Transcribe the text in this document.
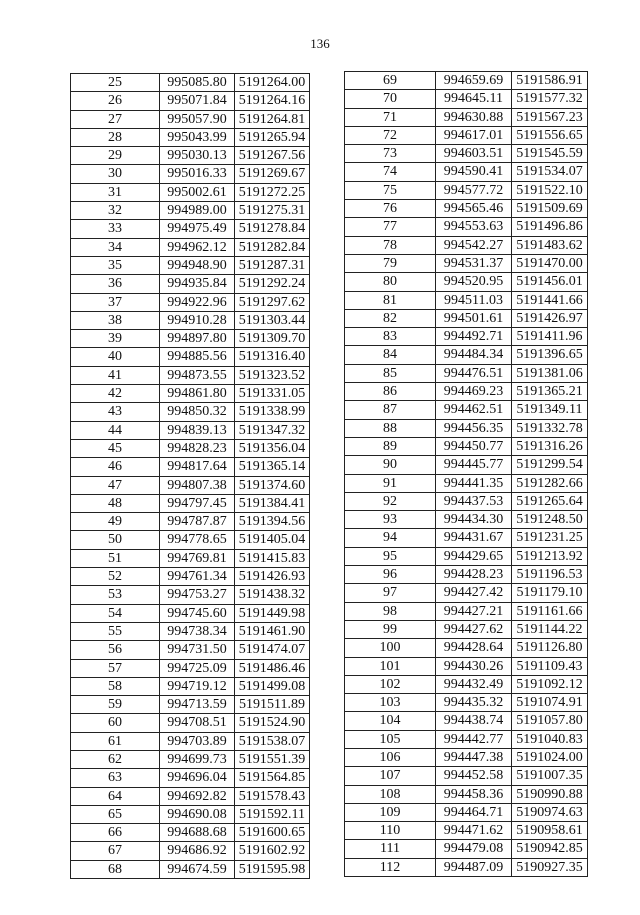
136
25	995085.80	5191264.00
26	995071.84	5191264.16
27	995057.90	5191264.81
28	995043.99	5191265.94
29	995030.13	5191267.56
30	995016.33	5191269.67
31	995002.61	5191272.25
32	994989.00	5191275.31
33	994975.49	5191278.84
34	994962.12	5191282.84
35	994948.90	5191287.31
36	994935.84	5191292.24
37	994922.96	5191297.62
38	994910.28	5191303.44
39	994897.80	5191309.70
40	994885.56	5191316.40
41	994873.55	5191323.52
42	994861.80	5191331.05
43	994850.32	5191338.99
44	994839.13	5191347.32
45	994828.23	5191356.04
46	994817.64	5191365.14
47	994807.38	5191374.60
48	994797.45	5191384.41
49	994787.87	5191394.56
50	994778.65	5191405.04
51	994769.81	5191415.83
52	994761.34	5191426.93
53	994753.27	5191438.32
54	994745.60	5191449.98
55	994738.34	5191461.90
56	994731.50	5191474.07
57	994725.09	5191486.46
58	994719.12	5191499.08
59	994713.59	5191511.89
60	994708.51	5191524.90
61	994703.89	5191538.07
62	994699.73	5191551.39
63	994696.04	5191564.85
64	994692.82	5191578.43
65	994690.08	5191592.11
66	994688.68	5191600.65
67	994686.92	5191602.92
68	994674.59	5191595.98
69	994659.69	5191586.91
70	994645.11	5191577.32
71	994630.88	5191567.23
72	994617.01	5191556.65
73	994603.51	5191545.59
74	994590.41	5191534.07
75	994577.72	5191522.10
76	994565.46	5191509.69
77	994553.63	5191496.86
78	994542.27	5191483.62
79	994531.37	5191470.00
80	994520.95	5191456.01
81	994511.03	5191441.66
82	994501.61	5191426.97
83	994492.71	5191411.96
84	994484.34	5191396.65
85	994476.51	5191381.06
86	994469.23	5191365.21
87	994462.51	5191349.11
88	994456.35	5191332.78
89	994450.77	5191316.26
90	994445.77	5191299.54
91	994441.35	5191282.66
92	994437.53	5191265.64
93	994434.30	5191248.50
94	994431.67	5191231.25
95	994429.65	5191213.92
96	994428.23	5191196.53
97	994427.42	5191179.10
98	994427.21	5191161.66
99	994427.62	5191144.22
100	994428.64	5191126.80
101	994430.26	5191109.43
102	994432.49	5191092.12
103	994435.32	5191074.91
104	994438.74	5191057.80
105	994442.77	5191040.83
106	994447.38	5191024.00
107	994452.58	5191007.35
108	994458.36	5190990.88
109	994464.71	5190974.63
110	994471.62	5190958.61
111	994479.08	5190942.85
112	994487.09	5190927.35
